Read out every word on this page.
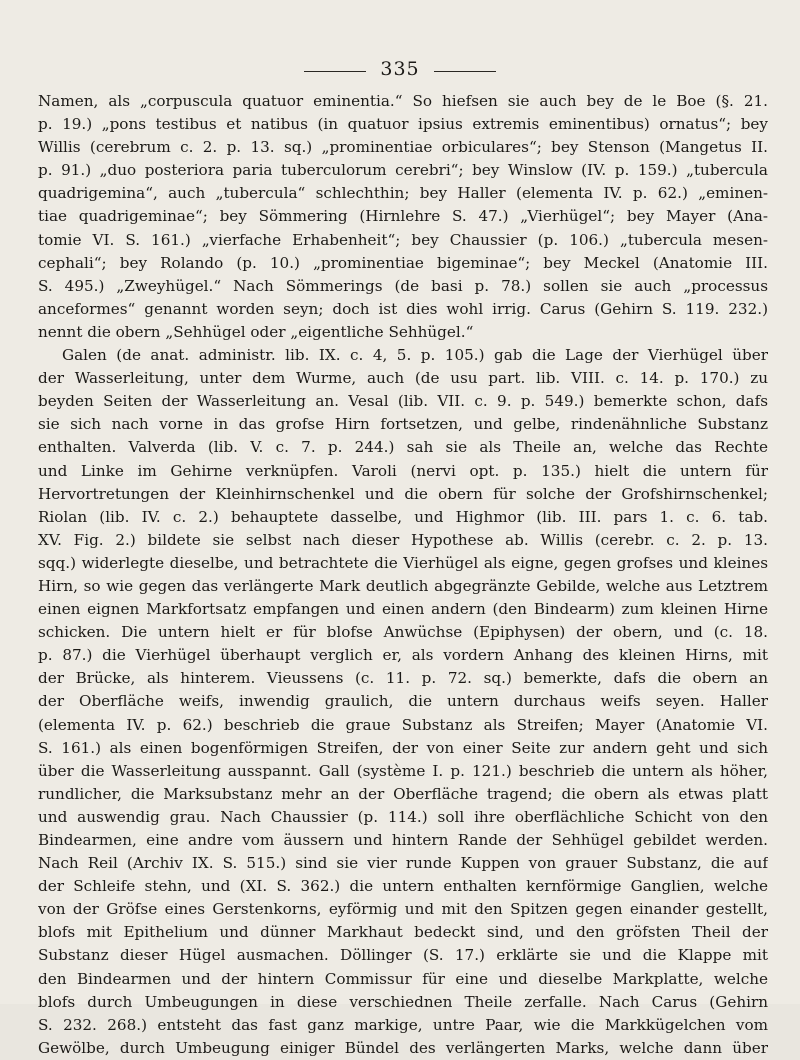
335
Namen, als „corpuscula quatuor eminentia.“ So hiefsen sie auch bey de le Boe (§. 21.
p. 19.) „pons testibus et natibus (in quatuor ipsius extremis eminentibus) ornatus“; bey
Willis (cerebrum c. 2. p. 13. sq.) „prominentiae orbiculares“; bey Stenson (Mangetus II.
p. 91.) „duo posteriora paria tuberculorum cerebri“; bey Winslow (IV. p. 159.) „tubercula
quadrigemina“, auch „tubercula“ schlechthin; bey Haller (elementa IV. p. 62.) „eminen-
tiae quadrigeminae“; bey Sömmering (Hirnlehre S. 47.) „Vierhügel“; bey Mayer (Ana-
tomie VI. S. 161.) „vierfache Erhabenheit“; bey Chaussier (p. 106.) „tubercula mesen-
cephali“; bey Rolando (p. 10.) „prominentiae bigeminae“; bey Meckel (Anatomie III.
S. 495.) „Zweyhügel.“ Nach Sömmerings (de basi p. 78.) sollen sie auch „processus
anceformes“ genannt worden seyn; doch ist dies wohl irrig. Carus (Gehirn S. 119. 232.)
nennt die obern „Sehhügel oder „eigentliche Sehhügel.“
Galen (de anat. administr. lib. IX. c. 4, 5. p. 105.) gab die Lage der Vierhügel über
der Wasserleitung, unter dem Wurme, auch (de usu part. lib. VIII. c. 14. p. 170.) zu
beyden Seiten der Wasserleitung an. Vesal (lib. VII. c. 9. p. 549.) bemerkte schon, dafs
sie sich nach vorne in das grofse Hirn fortsetzen, und gelbe, rindenähnliche Substanz
enthalten. Valverda (lib. V. c. 7. p. 244.) sah sie als Theile an, welche das Rechte
und Linke im Gehirne verknüpfen. Varoli (nervi opt. p. 135.) hielt die untern für
Hervortretungen der Kleinhirnschenkel und die obern für solche der Grofshirnschenkel;
Riolan (lib. IV. c. 2.) behauptete dasselbe, und Highmor (lib. III. pars 1. c. 6. tab.
XV. Fig. 2.) bildete sie selbst nach dieser Hypothese ab. Willis (cerebr. c. 2. p. 13.
sqq.) widerlegte dieselbe, und betrachtete die Vierhügel als eigne, gegen grofses und kleines
Hirn, so wie gegen das verlängerte Mark deutlich abgegränzte Gebilde, welche aus Letztrem
einen eignen Markfortsatz empfangen und einen andern (den Bindearm) zum kleinen Hirne
schicken. Die untern hielt er für blofse Anwüchse (Epiphysen) der obern, und (c. 18.
p. 87.) die Vierhügel überhaupt verglich er, als vordern Anhang des kleinen Hirns, mit
der Brücke, als hinterem. Vieussens (c. 11. p. 72. sq.) bemerkte, dafs die obern an
der Oberfläche weifs, inwendig graulich, die untern durchaus weifs seyen. Haller
(elementa IV. p. 62.) beschrieb die graue Substanz als Streifen; Mayer (Anatomie VI.
S. 161.) als einen bogenförmigen Streifen, der von einer Seite zur andern geht und sich
über die Wasserleitung ausspannt. Gall (système I. p. 121.) beschrieb die untern als höher,
rundlicher, die Marksubstanz mehr an der Oberfläche tragend; die obern als etwas platt
und auswendig grau. Nach Chaussier (p. 114.) soll ihre oberflächliche Schicht von den
Bindearmen, eine andre vom äussern und hintern Rande der Sehhügel gebildet werden.
Nach Reil (Archiv IX. S. 515.) sind sie vier runde Kuppen von grauer Substanz, die auf
der Schleife stehn, und (XI. S. 362.) die untern enthalten kernförmige Ganglien, welche
von der Gröfse eines Gerstenkorns, eyförmig und mit den Spitzen gegen einander gestellt,
blofs mit Epithelium und dünner Markhaut bedeckt sind, und den gröfsten Theil der
Substanz dieser Hügel ausmachen. Döllinger (S. 17.) erklärte sie und die Klappe mit
den Bindearmen und der hintern Commissur für eine und dieselbe Markplatte, welche
blofs durch Umbeugungen in diese verschiednen Theile zerfalle. Nach Carus (Gehirn
S. 232. 268.) entsteht das fast ganz markige, untre Paar, wie die Markkügelchen vom
Gewölbe, durch Umbeugung einiger Bündel des verlängerten Marks, welche dann über
